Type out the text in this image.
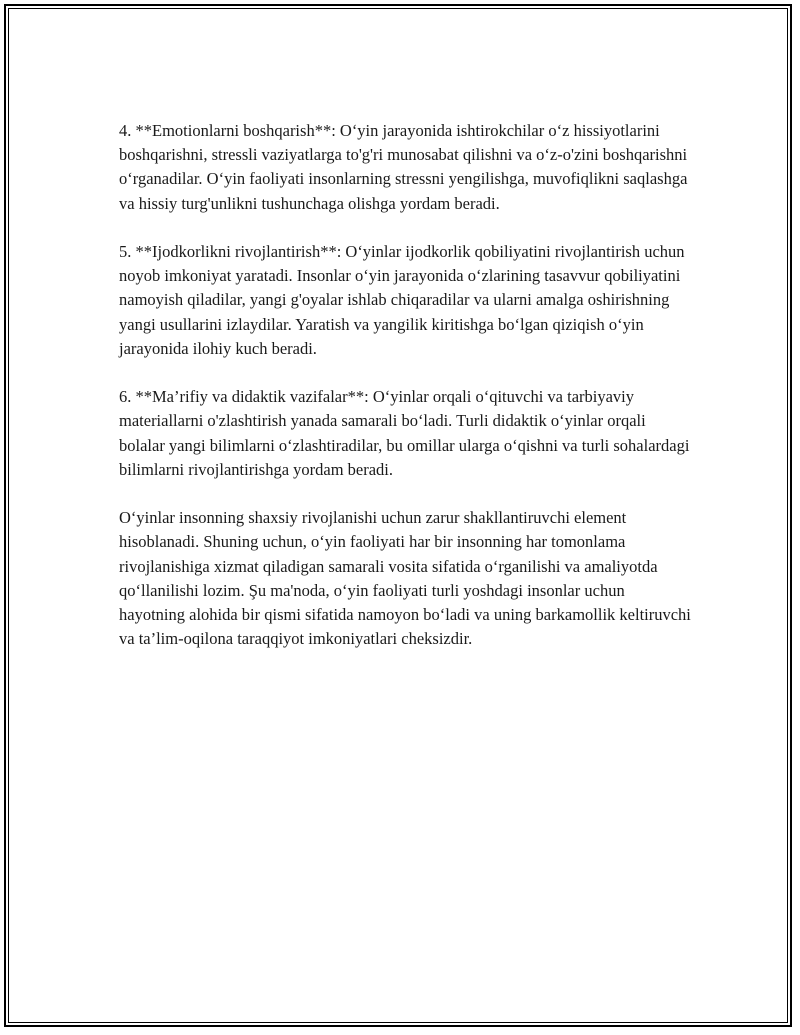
4. **Emotionlarni boshqarish**: O‘yin jarayonida ishtirokchilar o‘z hissiyotlarini boshqarishni, stressli vaziyatlarga to'g'ri munosabat qilishni va o‘z-o'zini boshqarishni o‘rganadilar. O‘yin faoliyati insonlarning stressni yengilishga, muvofiqlikni saqlashga va hissiy turg'unlikni tushunchaga olishga yordam beradi.

5. **Ijodkorlikni rivojlantirish**: O‘yinlar ijodkorlik qobiliyatini rivojlantirish uchun noyob imkoniyat yaratadi. Insonlar o‘yin jarayonida o‘zlarining tasavvur qobiliyatini namoyish qiladilar, yangi g'oyalar ishlab chiqaradilar va ularni amalga oshirishning yangi usullarini izlaydilar. Yaratish va yangilik kiritishga bo‘lgan qiziqish o‘yin jarayonida ilohiy kuch beradi.

6. **Ma’rifiy va didaktik vazifalar**: O‘yinlar orqali o‘qituvchi va tarbiyaviy materiallarni o'zlashtirish yanada samarali bo‘ladi. Turli didaktik o‘yinlar orqali bolalar yangi bilimlarni o‘zlashtiradilar, bu omillar ularga o‘qishni va turli sohalardagi bilimlarni rivojlantirishga yordam beradi.

O‘yinlar insonning shaxsiy rivojlanishi uchun zarur shakllantiruvchi element hisoblanadi. Shuning uchun, o‘yin faoliyati har bir insonning har tomonlama rivojlanishiga xizmat qiladigan samarali vosita sifatida o‘rganilishi va amaliyotda qo‘llanilishi lozim. Şu ma'noda, o‘yin faoliyati turli yoshdagi insonlar uchun hayotning alohida bir qismi sifatida namoyon bo‘ladi va uning barkamollik keltiruvchi va ta’lim-oqilona taraqqiyot imkoniyatlari cheksizdir.
